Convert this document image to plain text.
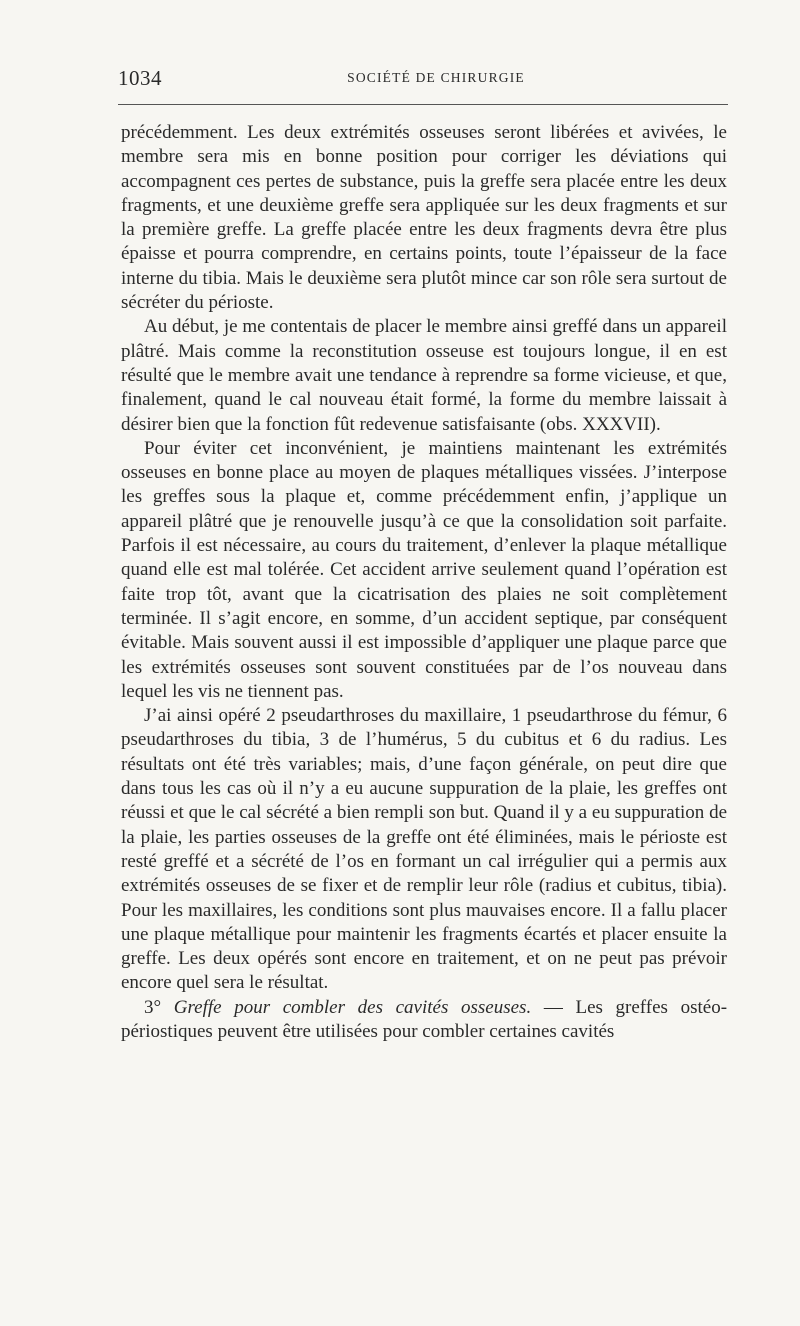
1034	SOCIÉTÉ DE CHIRURGIE

précédemment. Les deux extrémités osseuses seront libérées et avivées, le membre sera mis en bonne position pour corriger les déviations qui accompagnent ces pertes de substance, puis la greffe sera placée entre les deux fragments, et une deuxième greffe sera appliquée sur les deux fragments et sur la première greffe. La greffe placée entre les deux fragments devra être plus épaisse et pourra comprendre, en certains points, toute l’épaisseur de la face interne du tibia. Mais le deuxième sera plutôt mince car son rôle sera surtout de sécréter du périoste.

Au début, je me contentais de placer le membre ainsi greffé dans un appareil plâtré. Mais comme la reconstitution osseuse est toujours longue, il en est résulté que le membre avait une tendance à reprendre sa forme vicieuse, et que, finalement, quand le cal nouveau était formé, la forme du membre laissait à désirer bien que la fonction fût redevenue satisfaisante (obs. XXXVII).

Pour éviter cet inconvénient, je maintiens maintenant les extrémités osseuses en bonne place au moyen de plaques métalliques vissées. J’interpose les greffes sous la plaque et, comme précédemment enfin, j’applique un appareil plâtré que je renouvelle jusqu’à ce que la consolidation soit parfaite. Parfois il est nécessaire, au cours du traitement, d’enlever la plaque métallique quand elle est mal tolérée. Cet accident arrive seulement quand l’opération est faite trop tôt, avant que la cicatrisation des plaies ne soit complètement terminée. Il s’agit encore, en somme, d’un accident septique, par conséquent évitable. Mais souvent aussi il est impossible d’appliquer une plaque parce que les extrémités osseuses sont souvent constituées par de l’os nouveau dans lequel les vis ne tiennent pas.

J’ai ainsi opéré 2 pseudarthroses du maxillaire, 1 pseudarthrose du fémur, 6 pseudarthroses du tibia, 3 de l’humérus, 5 du cubitus et 6 du radius. Les résultats ont été très variables; mais, d’une façon générale, on peut dire que dans tous les cas où il n’y a eu aucune suppuration de la plaie, les greffes ont réussi et que le cal sécrété a bien rempli son but. Quand il y a eu suppuration de la plaie, les parties osseuses de la greffe ont été éliminées, mais le périoste est resté greffé et a sécrété de l’os en formant un cal irrégulier qui a permis aux extrémités osseuses de se fixer et de remplir leur rôle (radius et cubitus, tibia). Pour les maxillaires, les conditions sont plus mauvaises encore. Il a fallu placer une plaque métallique pour maintenir les fragments écartés et placer ensuite la greffe. Les deux opérés sont encore en traitement, et on ne peut pas prévoir encore quel sera le résultat.

3° Greffe pour combler des cavités osseuses. — Les greffes ostéo-périostiques peuvent être utilisées pour combler certaines cavités
